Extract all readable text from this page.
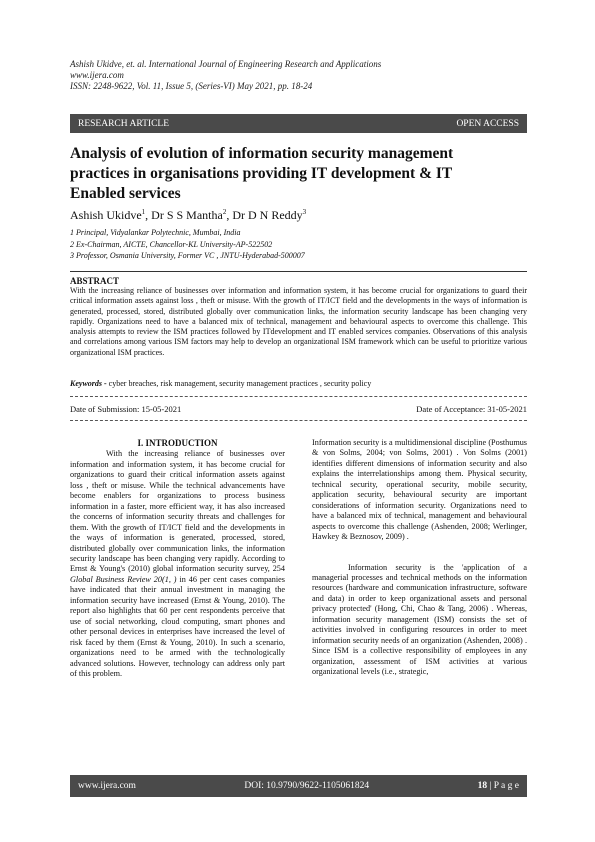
Ashish Ukidve, et. al. International Journal of Engineering Research and Applications
www.ijera.com
ISSN: 2248-9622, Vol. 11, Issue 5, (Series-VI) May 2021, pp. 18-24
RESEARCH ARTICLE	OPEN ACCESS
Analysis of evolution of information security management practices in organisations providing IT development & IT Enabled services
Ashish Ukidve$^1$, Dr S S Mantha$^2$, Dr D N Reddy$^3$
1 Principal, Vidyalankar Polytechnic, Mumbai, India
2 Ex-Chairman, AICTE, Chancellor-KL University-AP-522502
3 Professor, Osmania University, Former VC , JNTU-Hyderabad-500007
ABSTRACT
With the increasing reliance of businesses over information and information system, it has become crucial for organizations to guard their critical information assets against loss , theft or misuse. With the growth of IT/ICT field and the developments in the ways of information is generated, processed, stored, distributed globally over communication links, the information security landscape has been changing very rapidly. Organizations need to have a balanced mix of technical, management and behavioural aspects to overcome this challenge. This analysis attempts to review the ISM practices followed by ITdevelopment and IT enabled services companies. Observations of this analysis and correlations among various ISM factors may help to develop an organizational ISM framework which can be useful to prioritize various organizational ISM practices.
Keywords - cyber breaches, risk management, security management practices , security policy
Date of Submission: 15-05-2021	Date of Acceptance: 31-05-2021
I. INTRODUCTION

With the increasing reliance of businesses over information and information system, it has become crucial for organizations to guard their critical information assets against loss , theft or misuse. While the technical advancements have become enablers for organizations to process business information in a faster, more efficient way, it has also increased the concerns of information security threats and challenges for them. With the growth of IT/ICT field and the developments in the ways of information is generated, processed, stored, distributed globally over communication links, the information security landscape has been changing very rapidly. According to Ernst & Young's (2010) global information security survey, 254 Global Business Review 20(1, ) in 46 per cent cases companies have indicated that their annual investment in managing the information security have increased (Ernst & Young, 2010). The report also highlights that 60 per cent respondents perceive that use of social networking, cloud computing, smart phones and other personal devices in enterprises have increased the level of risk faced by them (Ernst & Young, 2010). In such a scenario, organizations need to be armed with the technologically advanced solutions. However, technology can address only part of this problem.

Information security is a multidimensional discipline (Posthumus & von Solms, 2004; von Solms, 2001) . Von Solms (2001) identifies different dimensions of information security and also explains the interrelationships among them. Physical security, technical security, operational security, mobile security, application security, behavioural security are important considerations of information security. Organizations need to have a balanced mix of technical, management and behavioural aspects to overcome this challenge (Ashenden, 2008; Werlinger, Hawkey & Beznosov, 2009) .

Information security is the 'application of a managerial processes and technical methods on the information resources (hardware and communication infrastructure, software and data) in order to keep organizational assets and personal privacy protected' (Hong, Chi, Chao & Tang, 2006) . Whereas, information security management (ISM) consists the set of activities involved in configuring resources in order to meet information security needs of an organization (Ashenden, 2008) . Since ISM is a collective responsibility of employees in any organization, assessment of ISM activities at various organizational levels (i.e., strategic,

www.ijera.com	DOI: 10.9790/9622-1105061824	18 | P a g e
